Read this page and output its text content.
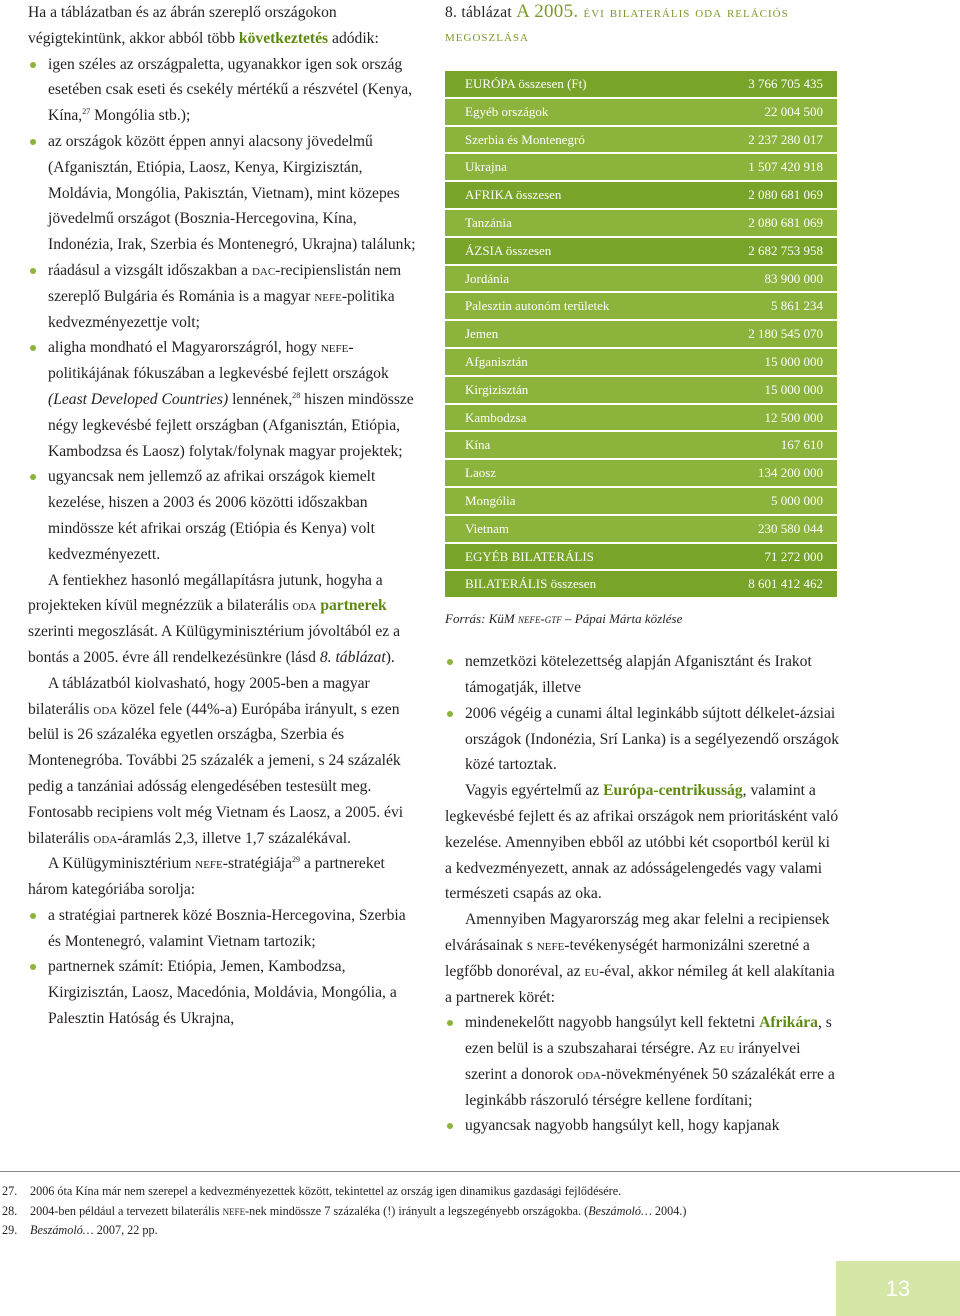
Ha a táblázatban és az ábrán szereplő országokon végigtekintünk, akkor abból több következtetés adódik:

igen széles az országpaletta, ugyanakkor igen sok ország esetében csak eseti és csekély mértékű a részvétel (Kenya, Kína,$^{27}$ Mongólia stb.);
az országok között éppen annyi alacsony jövedelmű (Afganisztán, Etiópia, Laosz, Kenya, Kirgizisztán, Moldávia, Mongólia, Pakisztán, Vietnam), mint közepes jövedelmű országot (Bosznia-Hercegovina, Kína, Indonézia, Irak, Szerbia és Montenegró, Ukrajna) találunk;
ráadásul a vizsgált időszakban a dac-recipienslistán nem szereplő Bulgária és Románia is a magyar nefe-politika kedvezményezettje volt;
aligha mondható el Magyarországról, hogy nefe-politikájának fókuszában a legkevésbé fejlett országok (Least Developed Countries) lennének,$^{28}$ hiszen mindössze négy legkevésbé fejlett országban (Afganisztán, Etiópia, Kambodzsa és Laosz) folytak/folynak magyar projektek;
ugyancsak nem jellemző az afrikai országok kiemelt kezelése, hiszen a 2003 és 2006 közötti időszakban mindössze két afrikai ország (Etiópia és Kenya) volt kedvezményezett.

A fentiekhez hasonló megállapításra jutunk, hogyha a projekteken kívül megnézzük a bilaterális oda partnerek szerinti megoszlását. A Külügyminisztérium jóvoltából ez a bontás a 2005. évre áll rendelkezésünkre (lásd 8. táblázat).

A táblázatból kiolvasható, hogy 2005-ben a magyar bilaterális oda közel fele (44%-a) Európába irányult, s ezen belül is 26 százaléka egyetlen országba, Szerbia és Montenegróba. További 25 százalék a jemeni, s 24 százalék pedig a tanzániai adósság elengedésében testesült meg. Fontosabb recipiens volt még Vietnam és Laosz, a 2005. évi bilaterális oda-áramlás 2,3, illetve 1,7 százalékával.

A Külügyminisztérium nefe-stratégiája$^{29}$ a partnereket három kategóriába sorolja:

a stratégiai partnerek közé Bosznia-Hercegovina, Szerbia és Montenegró, valamint Vietnam tartozik;
partnernek számít: Etiópia, Jemen, Kambodzsa, Kirgizisztán, Laosz, Macedónia, Moldávia, Mongólia, a Palesztin Hatóság és Ukrajna,
8. táblázat A 2005. évi bilaterális oda relációs megoszlása
EURÓPA összesen (Ft)	3 766 705 435
Egyéb országok	22 004 500
Szerbia és Montenegró	2 237 280 017
Ukrajna	1 507 420 918
AFRIKA összesen	2 080 681 069
Tanzánia	2 080 681 069
ÁZSIA összesen	2 682 753 958
Jordánia	83 900 000
Palesztin autonóm területek	5 861 234
Jemen	2 180 545 070
Afganisztán	15 000 000
Kirgizisztán	15 000 000
Kambodzsa	12 500 000
Kína	167 610
Laosz	134 200 000
Mongólia	5 000 000
Vietnam	230 580 044
EGYÉB BILATERÁLIS	71 272 000
BILATERÁLIS összesen	8 601 412 462
Forrás: KüM nefe-gtf – Pápai Márta közlése
nemzetközi kötelezettség alapján Afganisztánt és Irakot támogatják, illetve
2006 végéig a cunami által leginkább sújtott délkelet-ázsiai országok (Indonézia, Srí Lanka) is a segélyezendő országok közé tartoztak.

Vagyis egyértelmű az Európa-centrikusság, valamint a legkevésbé fejlett és az afrikai országok nem prioritásként való kezelése. Amennyiben ebből az utóbbi két csoportból kerül ki a kedvezményezett, annak az adósságelengedés vagy valami természeti csapás az oka.

Amennyiben Magyarország meg akar felelni a recipiensek elvárásainak s nefe-tevékenységét harmonizálni szeretné a legfőbb donoréval, az eu-éval, akkor némileg át kell alakítania a partnerek körét:

mindenekelőtt nagyobb hangsúlyt kell fektetni Afrikára, s ezen belül is a szubszaharai térségre. Az eu irányelvei szerint a donorok oda-növekményének 50 százalékát erre a leginkább rászoruló térségre kellene fordítani;
ugyancsak nagyobb hangsúlyt kell, hogy kapjanak
27.	2006 óta Kína már nem szerepel a kedvezményezettek között, tekintettel az ország igen dinamikus gazdasági fejlődésére.
28.	2004-ben például a tervezett bilaterális nefe-nek mindössze 7 százaléka (!) irányult a legszegényebb országokba. (Beszámoló… 2004.)
29.	Beszámoló… 2007, 22 pp.
13
